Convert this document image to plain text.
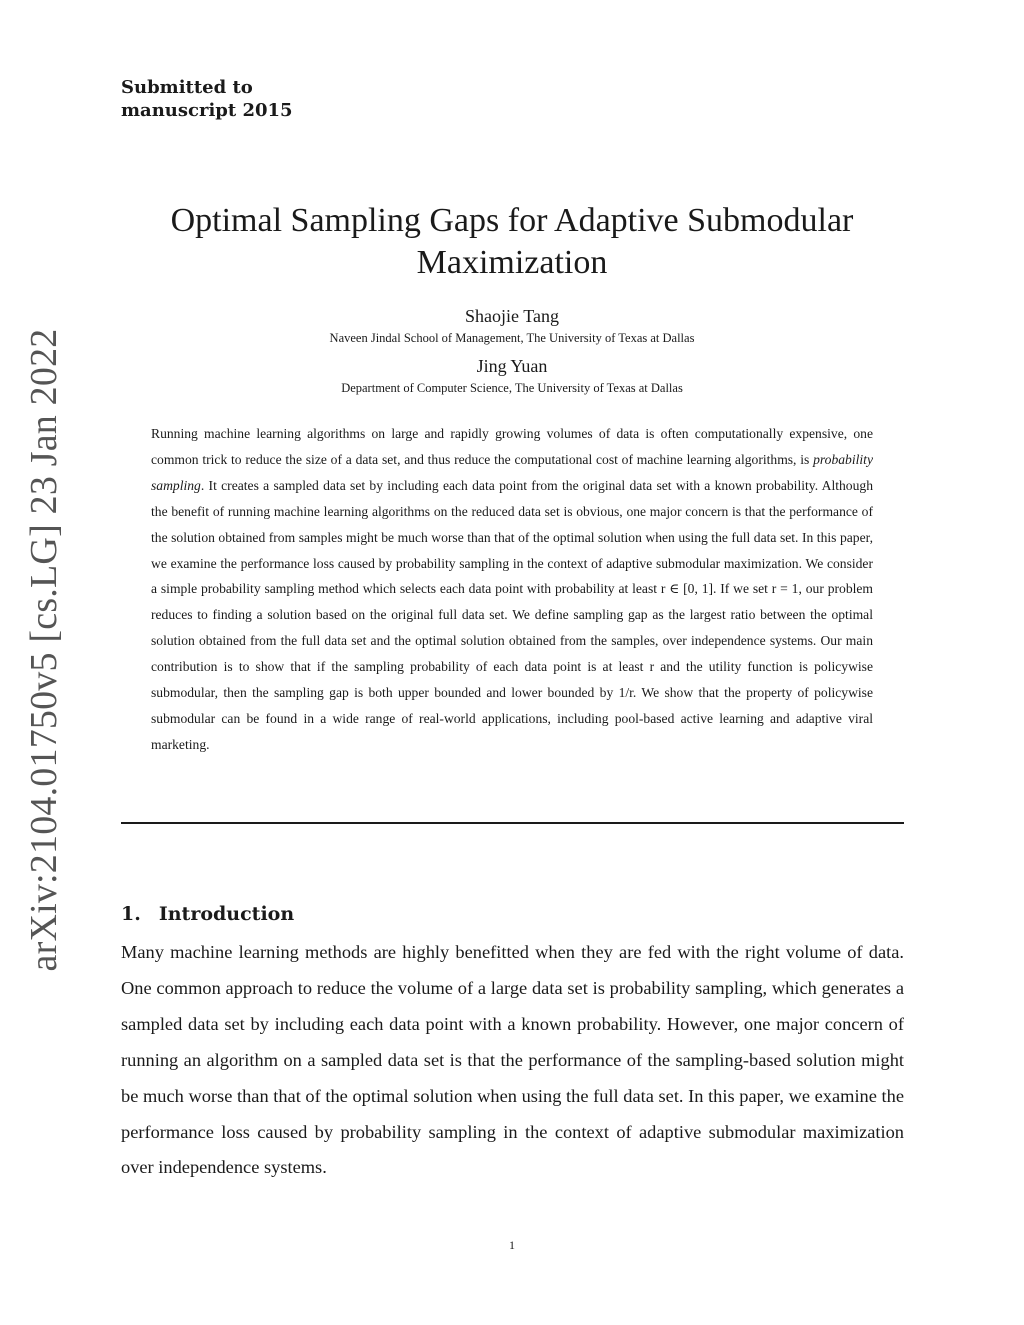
Submitted to
manuscript 2015
arXiv:2104.01750v5 [cs.LG] 23 Jan 2022
Optimal Sampling Gaps for Adaptive Submodular
Maximization
Shaojie Tang
Naveen Jindal School of Management, The University of Texas at Dallas
Jing Yuan
Department of Computer Science, The University of Texas at Dallas

Running machine learning algorithms on large and rapidly growing volumes of data is often computationally expensive, one common trick to reduce the size of a data set, and thus reduce the computational cost of machine learning algorithms, is probability sampling. It creates a sampled data set by including each data point from the original data set with a known probability. Although the benefit of running machine learning algorithms on the reduced data set is obvious, one major concern is that the performance of the solution obtained from samples might be much worse than that of the optimal solution when using the full data set. In this paper, we examine the performance loss caused by probability sampling in the context of adaptive submodular maximization. We consider a simple probability sampling method which selects each data point with probability at least r ∈ [0, 1]. If we set r = 1, our problem reduces to finding a solution based on the original full data set. We define sampling gap as the largest ratio between the optimal solution obtained from the full data set and the optimal solution obtained from the samples, over independence systems. Our main contribution is to show that if the sampling probability of each data point is at least r and the utility function is policywise submodular, then the sampling gap is both upper bounded and lower bounded by 1/r. We show that the property of policywise submodular can be found in a wide range of real-world applications, including pool-based active learning and adaptive viral marketing.

1. Introduction

Many machine learning methods are highly benefitted when they are fed with the right volume of data. One common approach to reduce the volume of a large data set is probability sampling, which generates a sampled data set by including each data point with a known probability. However, one major concern of running an algorithm on a sampled data set is that the performance of the sampling-based solution might be much worse than that of the optimal solution when using the full data set. In this paper, we examine the performance loss caused by probability sampling in the context of adaptive submodular maximization over independence systems.

1
